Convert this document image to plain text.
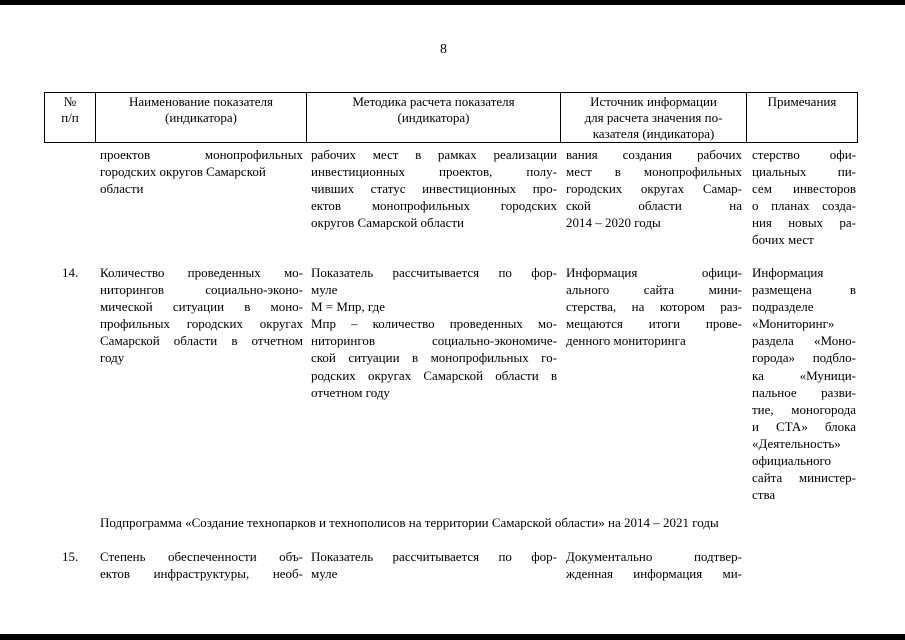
8
№
п/п
Наименование показателя
(индикатора)
Методика расчета показателя
(индикатора)
Источник информации
для расчета значения по-
казателя (индикатора)
Примечания
проектов монопрофильных
городских округов Самарской
области
рабочих мест в рамках реализации
инвестиционных проектов, полу-
чивших статус инвестиционных про-
ектов монопрофильных городских
округов Самарской области
вания создания рабочих
мест в монопрофильных
городских округах Самар-
ской области на
2014 – 2020 годы
стерство офи-
циальных пи-
сем инвесторов
о планах созда-
ния новых ра-
бочих мест
14. Количество проведенных мо-
ниторингов социально-эконо-
мической ситуации в моно-
профильных городских округах
Самарской области в отчетном
году
Показатель рассчитывается по фор-
муле
М = Мпр, где
Мпр – количество проведенных мо-
ниторингов социально-экономиче-
ской ситуации в монопрофильных го-
родских округах Самарской области в
отчетном году
Информация офици-
ального сайта мини-
стерства, на котором раз-
мещаются итоги прове-
денного мониторинга
Информация
размещена в
подразделе
«Мониторинг»
раздела «Моно-
города» подбло-
ка «Муници-
пальное разви-
тие, моногорода
и СТА» блока
«Деятельность»
официального
сайта министер-
ства
Подпрограмма «Создание технопарков и технополисов на территории Самарской области» на 2014 – 2021 годы
15. Степень обеспеченности объ-
ектов инфраструктуры, необ-
Показатель рассчитывается по фор-
муле
Документально подтвер-
жденная информация ми-
